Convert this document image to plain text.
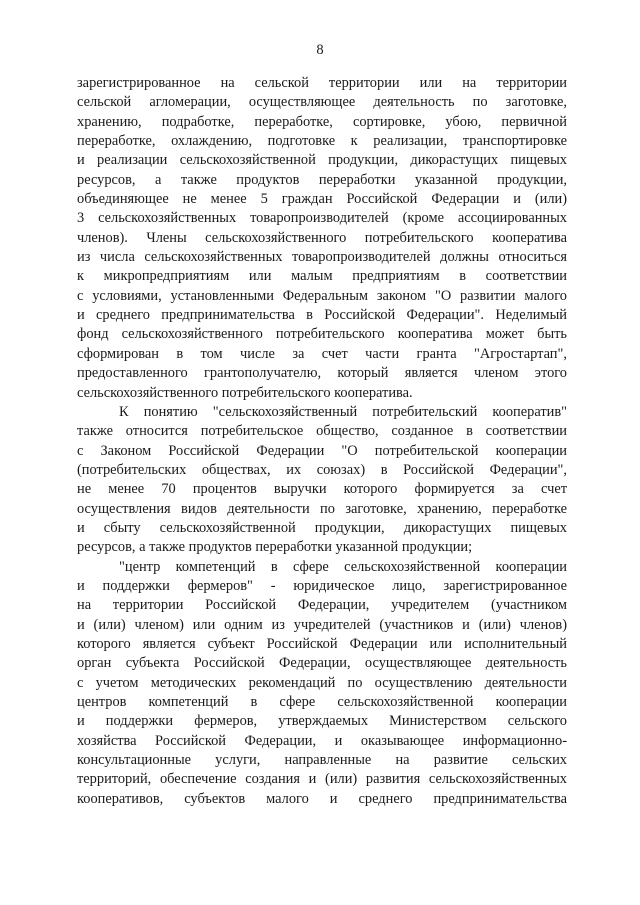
8
зарегистрированное на сельской территории или на территории
сельской агломерации, осуществляющее деятельность по заготовке,
хранению, подработке, переработке, сортировке, убою, первичной
переработке, охлаждению, подготовке к реализации, транспортировке
и реализации сельскохозяйственной продукции, дикорастущих пищевых
ресурсов, а также продуктов переработки указанной продукции,
объединяющее не менее 5 граждан Российской Федерации и (или)
3 сельскохозяйственных товаропроизводителей (кроме ассоциированных
членов). Члены сельскохозяйственного потребительского кооператива
из числа сельскохозяйственных товаропроизводителей должны относиться
к микропредприятиям или малым предприятиям в соответствии
с условиями, установленными Федеральным законом "О развитии малого
и среднего предпринимательства в Российской Федерации". Неделимый
фонд сельскохозяйственного потребительского кооператива может быть
сформирован в том числе за счет части гранта "Агростартап",
предоставленного грантополучателю, который является членом этого
сельскохозяйственного потребительского кооператива.
К понятию "сельскохозяйственный потребительский кооператив"
также относится потребительское общество, созданное в соответствии
с Законом Российской Федерации "О потребительской кооперации
(потребительских обществах, их союзах) в Российской Федерации",
не менее 70 процентов выручки которого формируется за счет
осуществления видов деятельности по заготовке, хранению, переработке
и сбыту сельскохозяйственной продукции, дикорастущих пищевых
ресурсов, а также продуктов переработки указанной продукции;
"центр компетенций в сфере сельскохозяйственной кооперации
и поддержки фермеров" - юридическое лицо, зарегистрированное
на территории Российской Федерации, учредителем (участником
и (или) членом) или одним из учредителей (участников и (или) членов)
которого является субъект Российской Федерации или исполнительный
орган субъекта Российской Федерации, осуществляющее деятельность
с учетом методических рекомендаций по осуществлению деятельности
центров компетенций в сфере сельскохозяйственной кооперации
и поддержки фермеров, утверждаемых Министерством сельского
хозяйства Российской Федерации, и оказывающее информационно-
консультационные услуги, направленные на развитие сельских
территорий, обеспечение создания и (или) развития сельскохозяйственных
кооперативов, субъектов малого и среднего предпринимательства
